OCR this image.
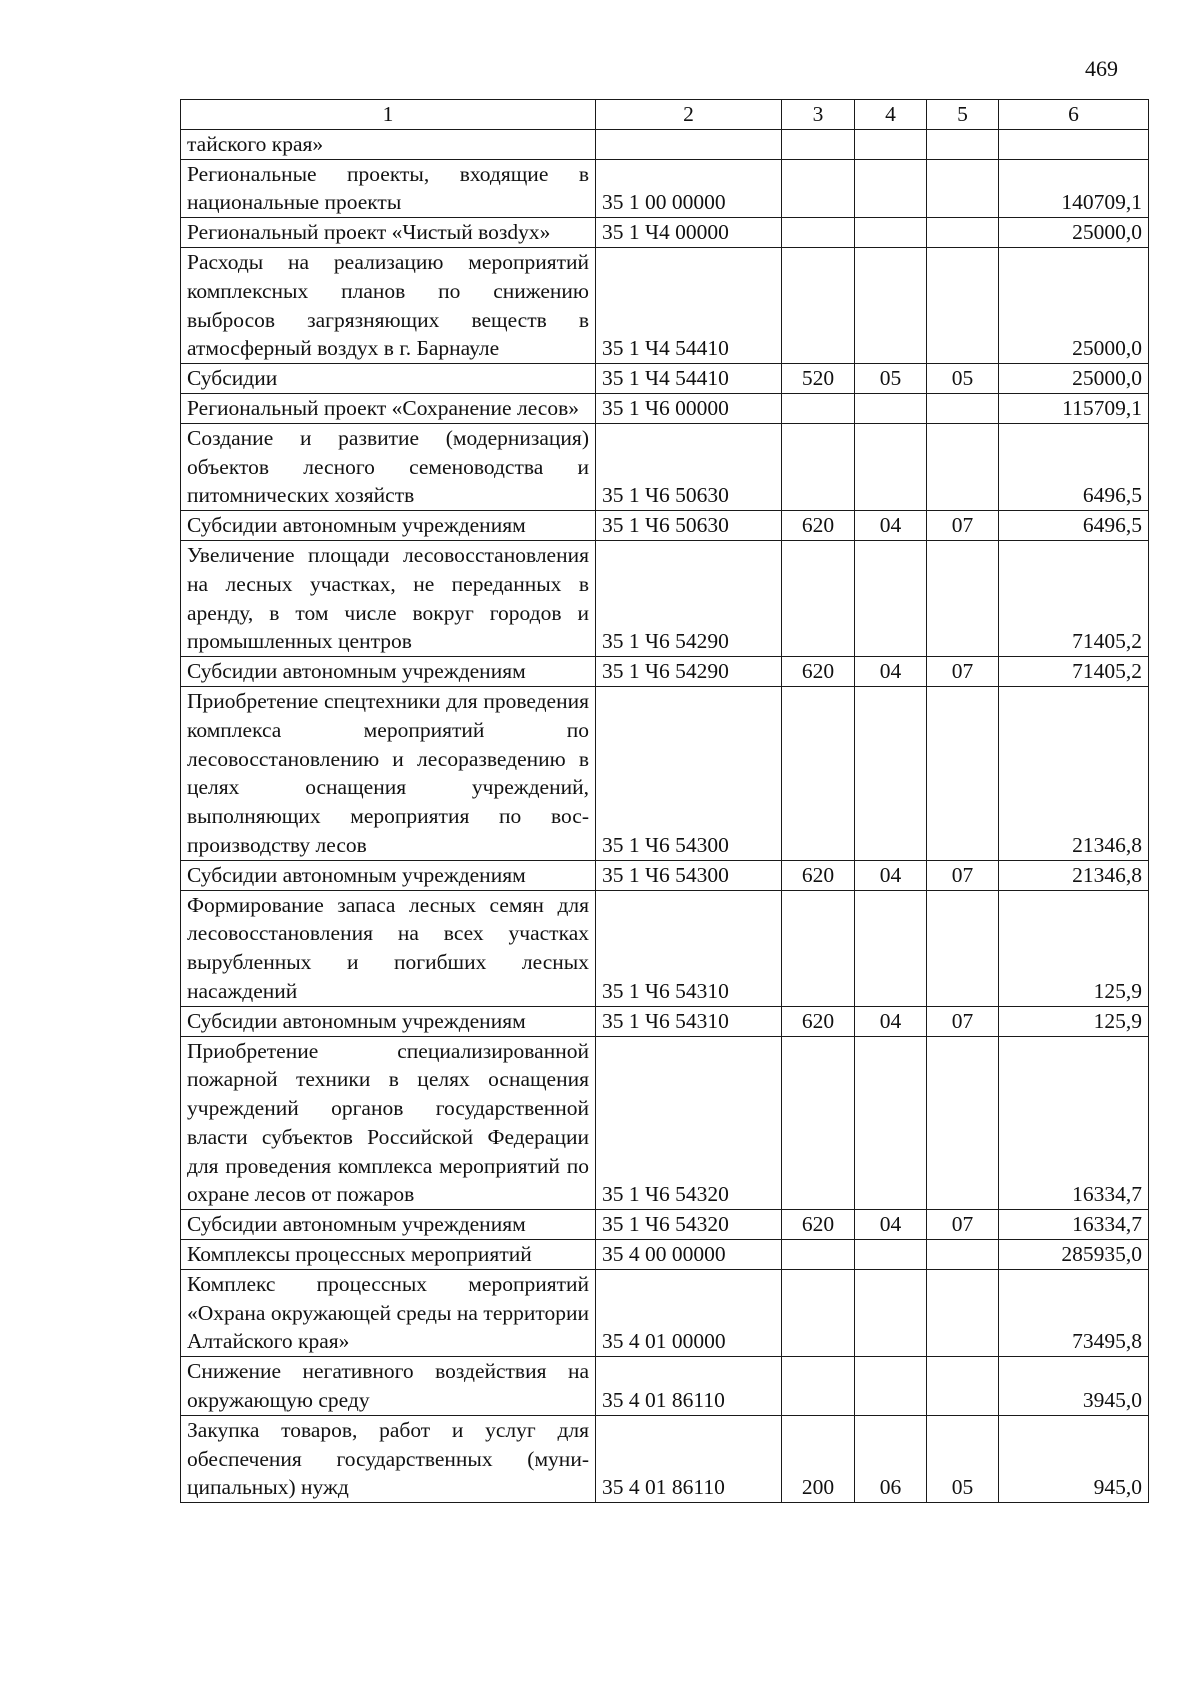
469
1	2	3	4	5	6
тайского края»					
Региональные проекты, входящие в национальные проекты	35 1 00 00000				140709,1
Региональный проект «Чистый возdух»	35 1 Ч4 00000				25000,0
Расходы на реализацию мероприятий комплексных планов по снижению выбросов загрязняющих веществ в атмосферный воздух в г. Барнауле	35 1 Ч4 54410				25000,0
Субсидии	35 1 Ч4 54410	520	05	05	25000,0
Региональный проект «Сохранение лесов»	35 1 Ч6 00000				115709,1
Создание и развитие (модернизация) объектов лесного семеноводства и питомнических хозяйств	35 1 Ч6 50630				6496,5
Субсидии автономным учреждениям	35 1 Ч6 50630	620	04	07	6496,5
Увеличение площади лесовосстановления на лесных участках, не переданных в аренду, в том числе вокруг городов и промышленных центров	35 1 Ч6 54290				71405,2
Субсидии автономным учреждениям	35 1 Ч6 54290	620	04	07	71405,2
Приобретение спецтехники для проведения комплекса мероприятий по лесовосстановлению и лесоразведению в целях оснащения учреждений, выполняющих мероприятия по воспроизводству лесов	35 1 Ч6 54300				21346,8
Субсидии автономным учреждениям	35 1 Ч6 54300	620	04	07	21346,8
Формирование запаса лесных семян для лесовосстановления на всех участках вырубленных и погибших лесных насаждений	35 1 Ч6 54310				125,9
Субсидии автономным учреждениям	35 1 Ч6 54310	620	04	07	125,9
Приобретение специализированной пожарной техники в целях оснащения учреждений органов государственной власти субъектов Российской Федерации для проведения комплекса мероприятий по охране лесов от пожаров	35 1 Ч6 54320				16334,7
Субсидии автономным учреждениям	35 1 Ч6 54320	620	04	07	16334,7
Комплексы процессных мероприятий	35 4 00 00000				285935,0
Комплекс процессных мероприятий «Охрана окружающей среды на территории Алтайского края»	35 4 01 00000				73495,8
Снижение негативного воздействия на окружающую среду	35 4 01 86110				3945,0
Закупка товаров, работ и услуг для обеспечения государственных (муниципальных) нужд	35 4 01 86110	200	06	05	945,0
